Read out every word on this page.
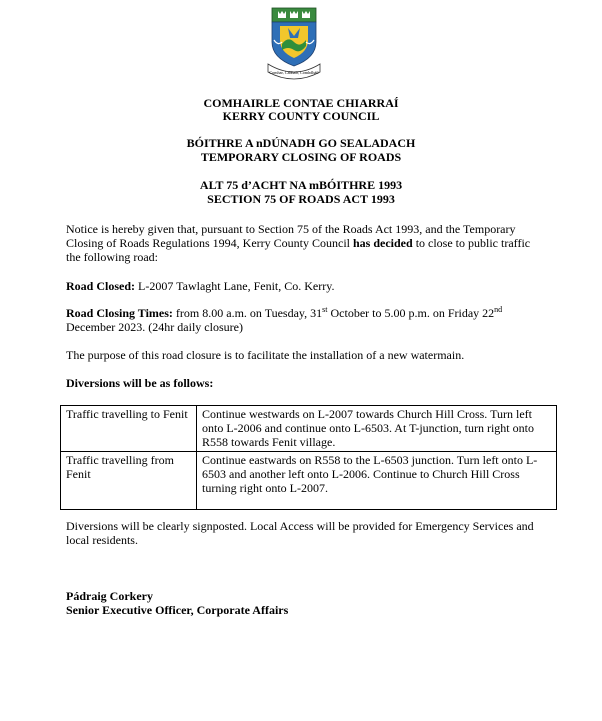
Comhar, Cabhair, Comhdháil
COMHAIRLE CONTAE CHIARRAÍ
KERRY COUNTY COUNCIL
BÓITHRE A nDÚNADH GO SEALADACH
TEMPORARY CLOSING OF ROADS
ALT 75 d’ACHT NA mBÓITHRE 1993
SECTION 75 OF ROADS ACT 1993

Notice is hereby given that, pursuant to Section 75 of the Roads Act 1993, and the Temporary Closing of Roads Regulations 1994, Kerry County Council has decided to close to public traffic the following road:

Road Closed: L-2007 Tawlaght Lane, Fenit, Co. Kerry.

Road Closing Times: from 8.00 a.m. on Tuesday, 31st October to 5.00 p.m. on Friday 22nd December 2023. (24hr daily closure)

The purpose of this road closure is to facilitate the installation of a new watermain.

Diversions will be as follows:

Traffic travelling to Fenit	Continue westwards on L-2007 towards Church Hill Cross. Turn left onto L-2006 and continue onto L-6503. At T-junction, turn right onto R558 towards Fenit village.
Traffic travelling from Fenit	Continue eastwards on R558 to the L-6503 junction. Turn left onto L-6503 and another left onto L-2006. Continue to Church Hill Cross turning right onto L-2007.

Diversions will be clearly signposted. Local Access will be provided for Emergency Services and local residents.

Pádraig Corkery

Senior Executive Officer, Corporate Affairs
